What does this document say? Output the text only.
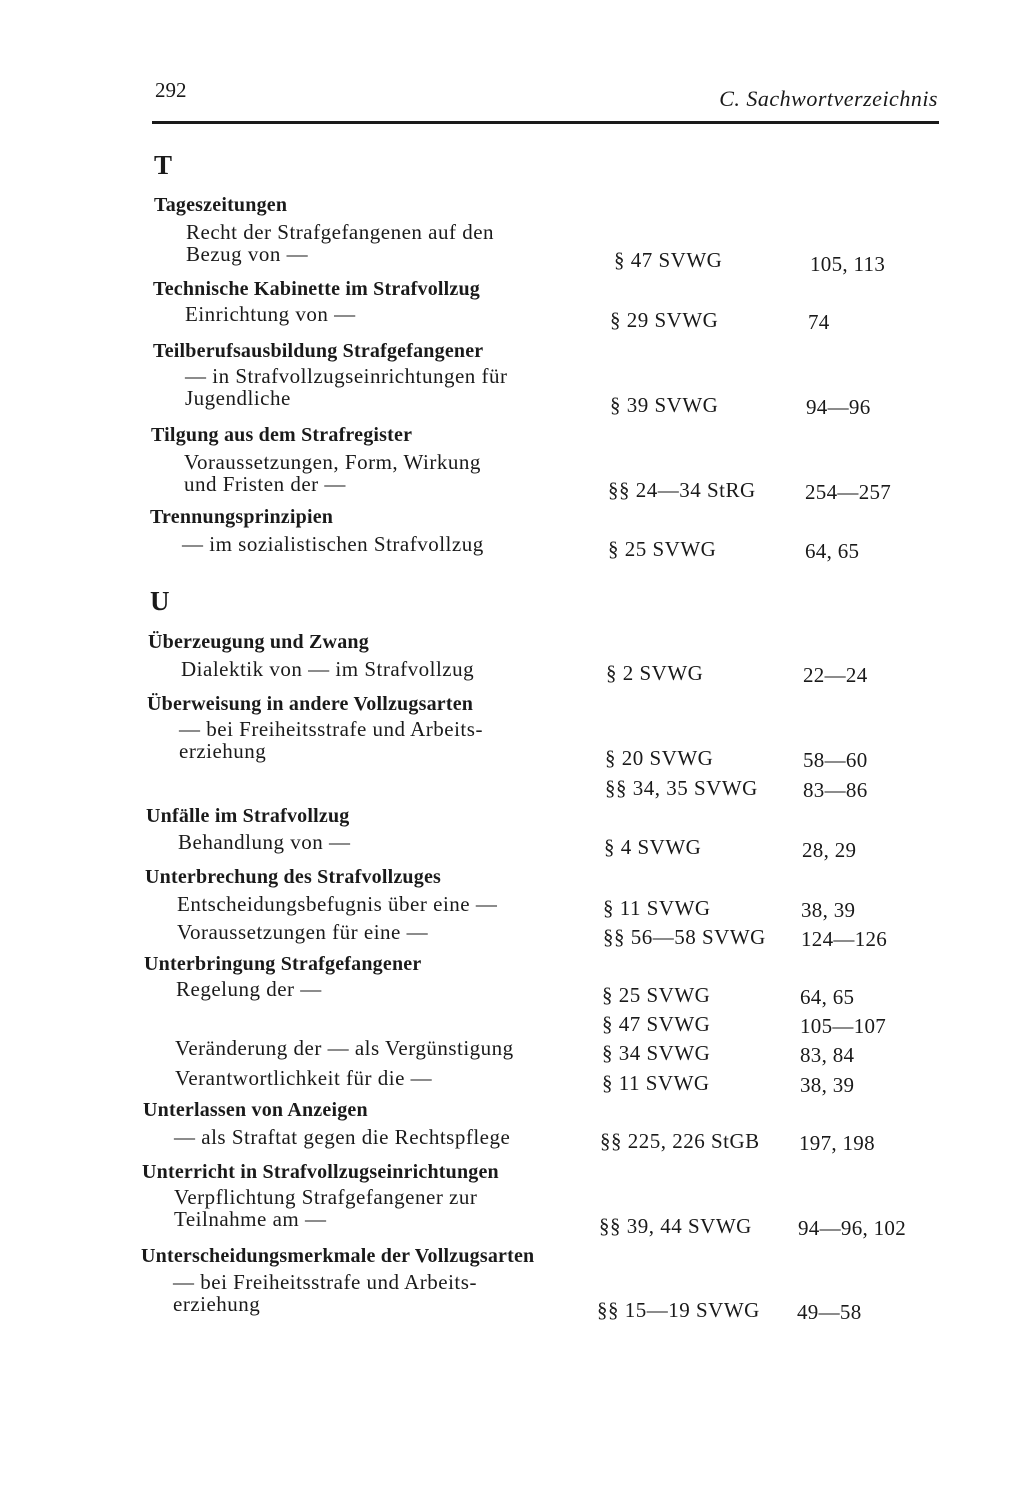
292	C. Sachwortverzeichnis
T
Tageszeitungen
Recht der Strafgefangenen auf den
Bezug von —	§ 47 SVWG	105, 113
Technische Kabinette im Strafvollzug
Einrichtung von —	§ 29 SVWG	74
Teilberufsausbildung Strafgefangener
— in Strafvollzugseinrichtungen für
Jugendliche	§ 39 SVWG	94—96
Tilgung aus dem Strafregister
Voraussetzungen, Form, Wirkung
und Fristen der —	§§ 24—34 StRG 254—257
Trennungsprinzipien
— im sozialistischen Strafvollzug	§ 25 SVWG	64, 65
U
Überzeugung und Zwang
Dialektik von — im Strafvollzug	§ 2 SVWG	22—24
Überweisung in andere Vollzugsarten
— bei Freiheitsstrafe und Arbeits-
erziehung	§ 20 SVWG	58—60
§§ 34, 35 SVWG 83—86
Unfälle im Strafvollzug
Behandlung von —	§ 4 SVWG	28, 29
Unterbrechung des Strafvollzuges
Entscheidungsbefugnis über eine —	§ 11 SVWG	38, 39
Voraussetzungen für eine —	§§ 56—58 SVWG 124—126
Unterbringung Strafgefangener
Regelung der —	§ 25 SVWG	64, 65
§ 47 SVWG	105—107
Veränderung der — als Vergünstigung	§ 34 SVWG	83, 84
Verantwortlichkeit für die —	§ 11 SVWG	38, 39
Unterlassen von Anzeigen
— als Straftat gegen die Rechtspflege	§§ 225, 226 StGB 197, 198
Unterricht in Strafvollzugseinrichtungen
Verpflichtung Strafgefangener zur
Teilnahme am —	§§ 39, 44 SVWG 94—96, 102
Unterscheidungsmerkmale der Vollzugsarten
— bei Freiheitsstrafe und Arbeits-
erziehung	§§ 15—19 SVWG 49—58
